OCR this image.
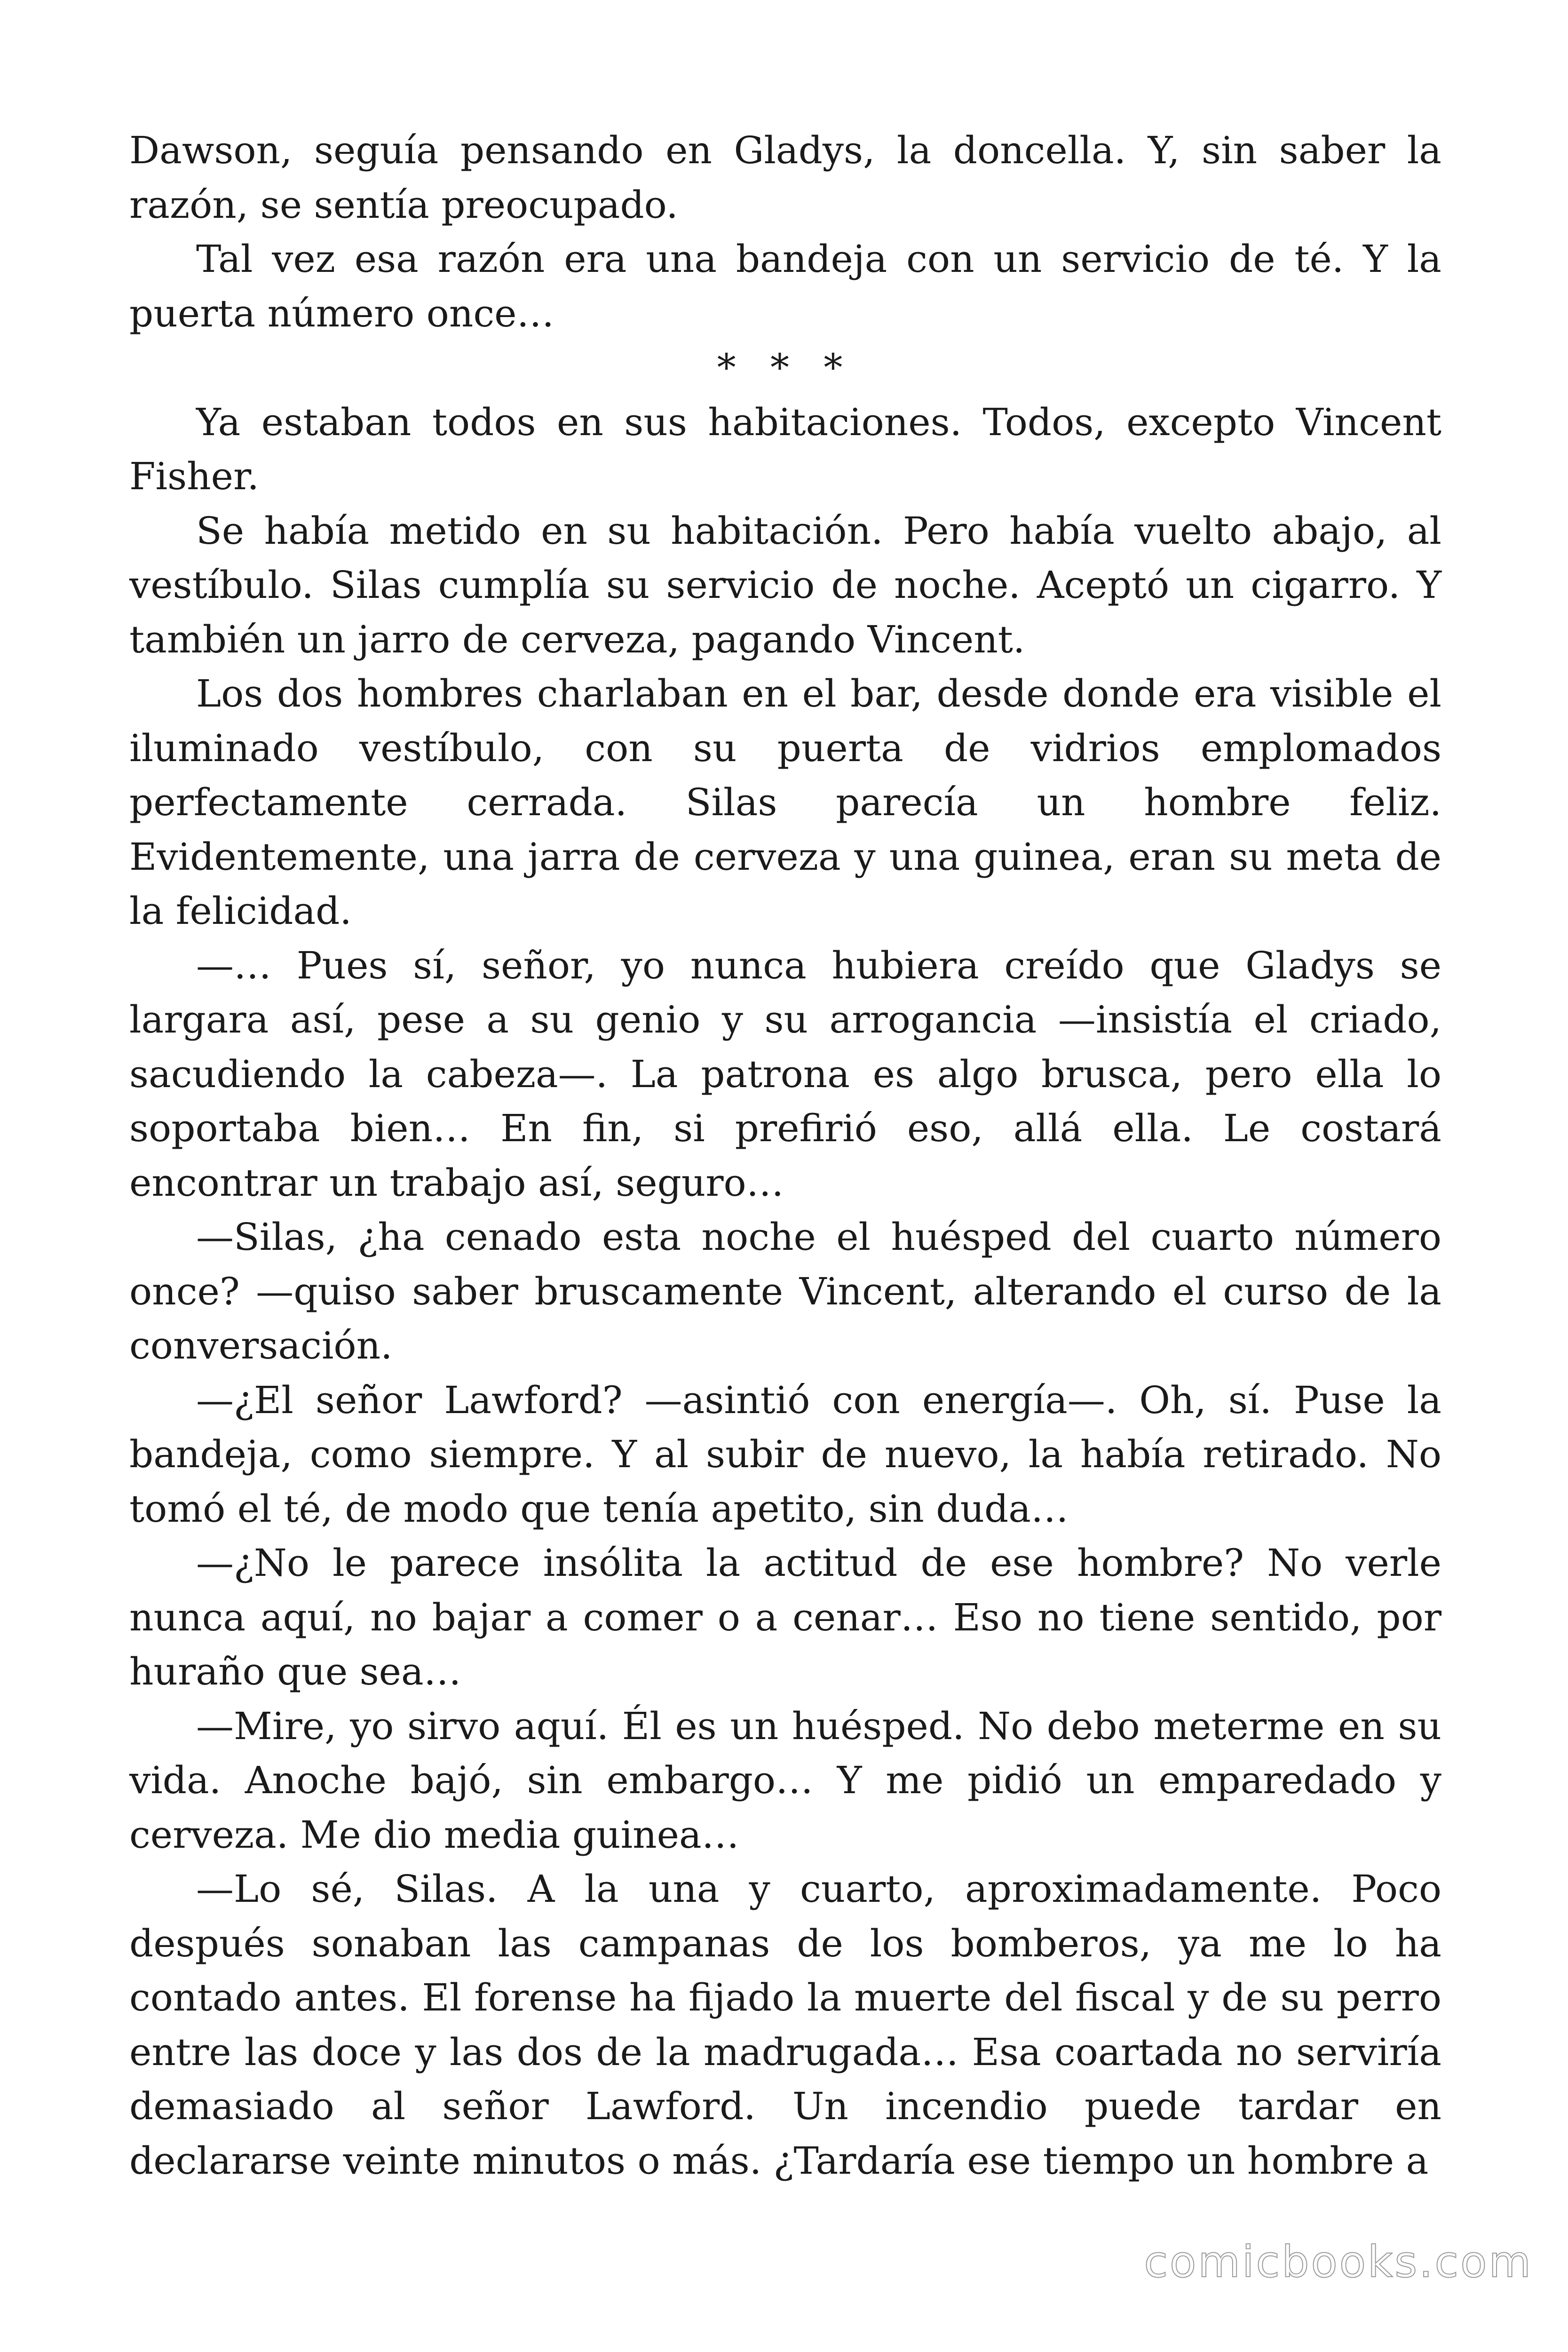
Dawson, seguía pensando en Gladys, la doncella. Y, sin saber la razón, se sentía preocupado.

Tal vez esa razón era una bandeja con un servicio de té. Y la puerta número once…

* * *

Ya estaban todos en sus habitaciones. Todos, excepto Vincent Fisher.

Se había metido en su habitación. Pero había vuelto abajo, al vestíbulo. Silas cumplía su servicio de noche. Aceptó un cigarro. Y también un jarro de cerveza, pagando Vincent.

Los dos hombres charlaban en el bar, desde donde era visible el iluminado vestíbulo, con su puerta de vidrios emplomados perfectamente cerrada. Silas parecía un hombre feliz. Evidentemente, una jarra de cerveza y una guinea, eran su meta de la felicidad.

—… Pues sí, señor, yo nunca hubiera creído que Gladys se largara así, pese a su genio y su arrogancia —insistía el criado, sacudiendo la cabeza—. La patrona es algo brusca, pero ella lo soportaba bien… En fin, si prefirió eso, allá ella. Le costará encontrar un trabajo así, seguro…

—Silas, ¿ha cenado esta noche el huésped del cuarto número once? —quiso saber bruscamente Vincent, alterando el curso de la conversación.

—¿El señor Lawford? —asintió con energía—. Oh, sí. Puse la bandeja, como siempre. Y al subir de nuevo, la había retirado. No tomó el té, de modo que tenía apetito, sin duda…

—¿No le parece insólita la actitud de ese hombre? No verle nunca aquí, no bajar a comer o a cenar… Eso no tiene sentido, por huraño que sea…

—Mire, yo sirvo aquí. Él es un huésped. No debo meterme en su vida. Anoche bajó, sin embargo… Y me pidió un emparedado y cerveza. Me dio media guinea…

—Lo sé, Silas. A la una y cuarto, aproximadamente. Poco después sonaban las campanas de los bomberos, ya me lo ha contado antes. El forense ha fijado la muerte del fiscal y de su perro entre las doce y las dos de la madrugada… Esa coartada no serviría demasiado al señor Lawford. Un incendio puede tardar en declararse veinte minutos o más. ¿Tardaría ese tiempo un hombre a

comicbooks.com
